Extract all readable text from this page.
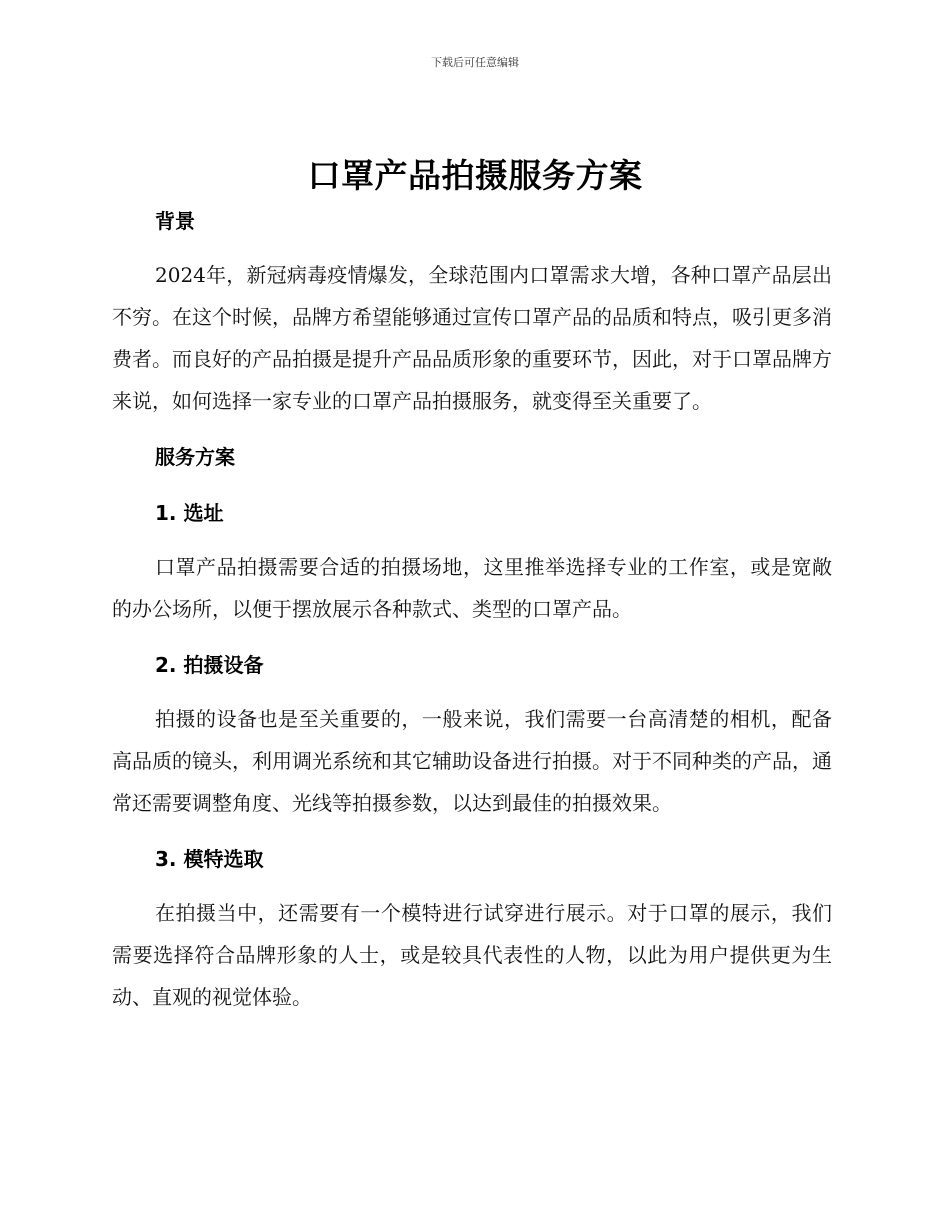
下载后可任意编辑
口罩产品拍摄服务方案
背景

2024年，新冠病毒疫情爆发，全球范围内口罩需求大增，各种口罩产品层出不穷。在这个时候，品牌方希望能够通过宣传口罩产品的品质和特点，吸引更多消费者。而良好的产品拍摄是提升产品品质形象的重要环节，因此，对于口罩品牌方来说，如何选择一家专业的口罩产品拍摄服务，就变得至关重要了。

服务方案
1. 选址

口罩产品拍摄需要合适的拍摄场地，这里推举选择专业的工作室，或是宽敞的办公场所，以便于摆放展示各种款式、类型的口罩产品。

2. 拍摄设备

拍摄的设备也是至关重要的，一般来说，我们需要一台高清楚的相机，配备高品质的镜头，利用调光系统和其它辅助设备进行拍摄。对于不同种类的产品，通常还需要调整角度、光线等拍摄参数，以达到最佳的拍摄效果。

3. 模特选取

在拍摄当中，还需要有一个模特进行试穿进行展示。对于口罩的展示，我们需要选择符合品牌形象的人士，或是较具代表性的人物，以此为用户提供更为生动、直观的视觉体验。
